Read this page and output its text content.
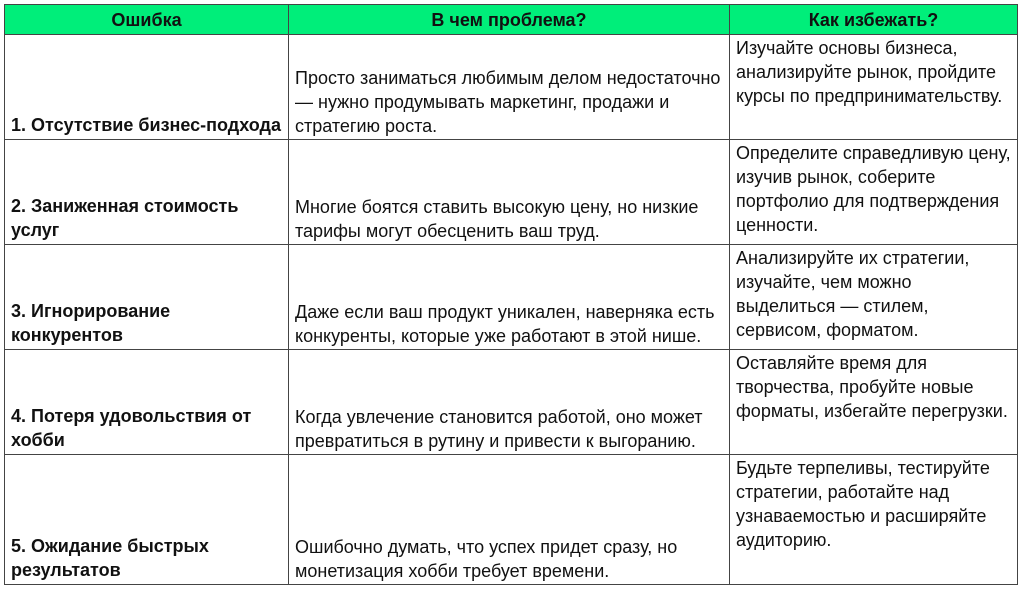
Ошибка	В чем проблема?	Как избежать?
1. Отсутствие бизнес-подхода	Просто заниматься любимым делом недостаточно — нужно продумывать маркетинг, продажи и стратегию роста.	Изучайте основы бизнеса, анализируйте рынок, пройдите курсы по предпринимательству.
2. Заниженная стоимость услуг	Многие боятся ставить высокую цену, но низкие тарифы могут обесценить ваш труд.	Определите справедливую цену, изучив рынок, соберите портфолио для подтверждения ценности.
3. Игнорирование конкурентов	Даже если ваш продукт уникален, наверняка есть конкуренты, которые уже работают в этой нише.	Анализируйте их стратегии, изучайте, чем можно выделиться — стилем, сервисом, форматом.
4. Потеря удовольствия от хобби	Когда увлечение становится работой, оно может превратиться в рутину и привести к выгоранию.	Оставляйте время для творчества, пробуйте новые форматы, избегайте перегрузки.
5. Ожидание быстрых результатов	Ошибочно думать, что успех придет сразу, но монетизация хобби требует времени.	Будьте терпеливы, тестируйте стратегии, работайте над узнаваемостью и расширяйте аудиторию.
